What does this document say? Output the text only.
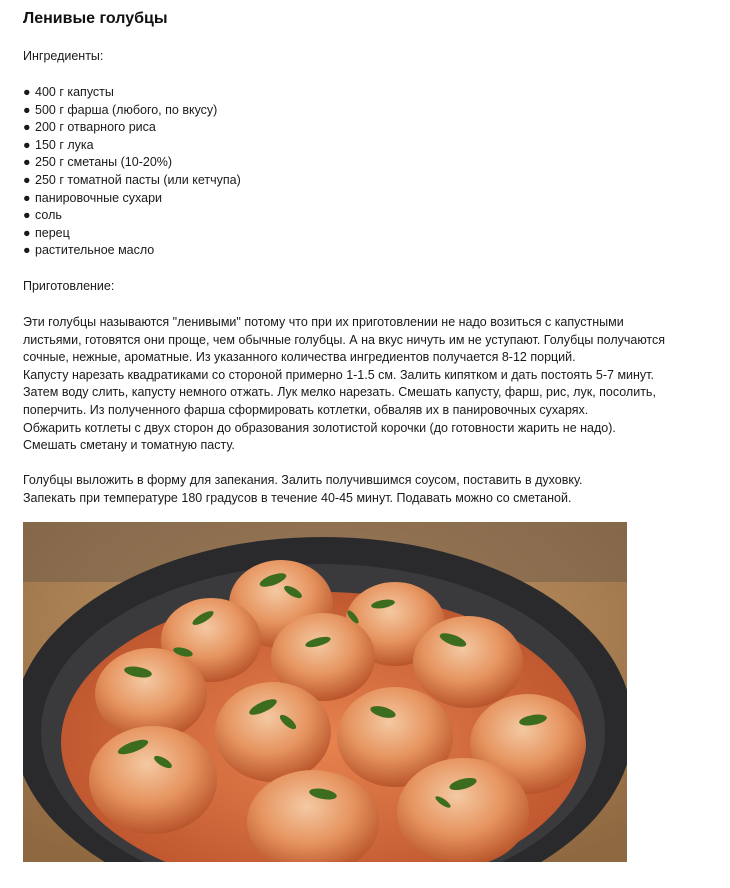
Ленивые голубцы

Ингредиенты:

● 400 г капусты
● 500 г фарша (любого, по вкусу)
● 200 г отварного риса
● 150 г лука
● 250 г сметаны (10-20%)
● 250 г томатной пасты (или кетчупа)
● панировочные сухари
● соль
● перец
● растительное масло

Приготовление:

Эти голубцы называются "ленивыми" потому что при их приготовлении не надо возиться с капустными

листьями, готовятся они проще, чем обычные голубцы. А на вкус ничуть им не уступают. Голубцы получаются

сочные, нежные, ароматные. Из указанного количества ингредиентов получается 8-12 порций.

Капусту нарезать квадратиками со стороной примерно 1-1.5 см. Залить кипятком и дать постоять 5-7 минут.

Затем воду слить, капусту немного отжать. Лук мелко нарезать. Смешать капусту, фарш, рис, лук, посолить,

поперчить. Из полученного фарша сформировать котлетки, обваляв их в панировочных сухарях.

Обжарить котлеты с двух сторон до образования золотистой корочки (до готовности жарить не надо).

Смешать сметану и томатную пасту.

Голубцы выложить в форму для запекания. Залить получившимся соусом, поставить в духовку.

Запекать при температуре 180 градусов в течение 40-45 минут. Подавать можно со сметаной.
